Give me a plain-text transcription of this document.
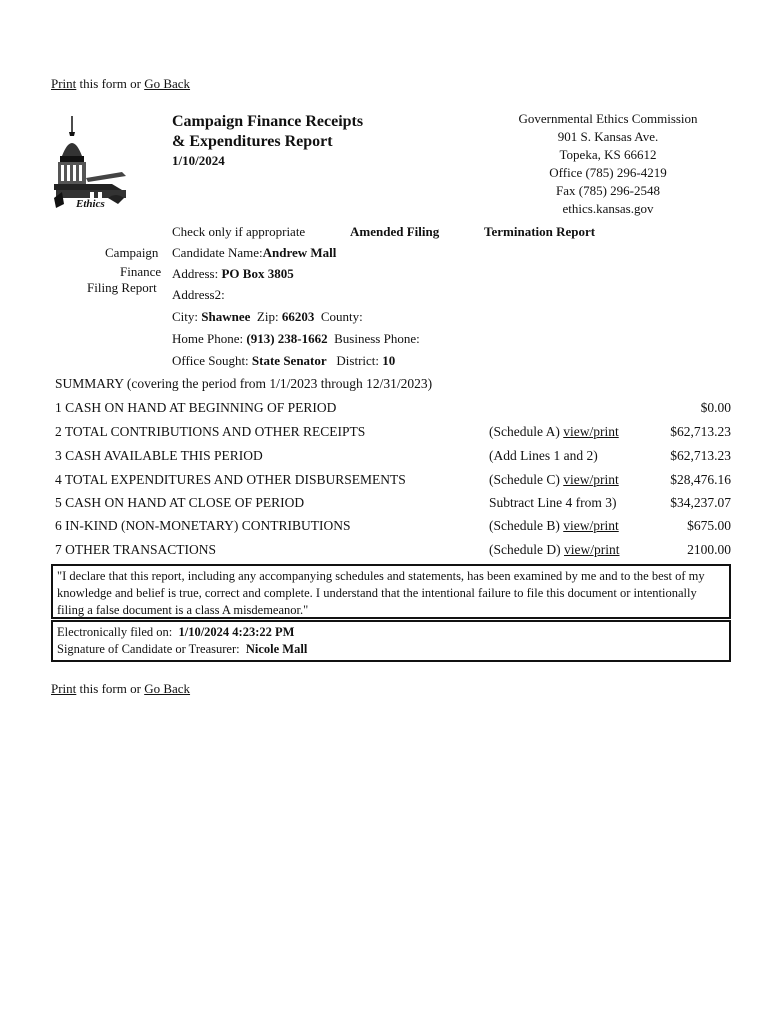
Print this form or Go Back
Ethics
Campaign Finance Receipts
& Expenditures Report
1/10/2024
Governmental Ethics Commission
901 S. Kansas Ave.
Topeka, KS 66612
Office (785) 296-4219
Fax (785) 296-2548
ethics.kansas.gov
Check only if appropriate	Amended Filing	Termination Report
Campaign
Finance
Filing Report
Candidate Name:Andrew Mall
Address: PO Box 3805
Address2:
City: Shawnee Zip: 66203 County:
Home Phone: (913) 238-1662 Business Phone:
Office Sought: State Senator District: 10
SUMMARY (covering the period from 1/1/2023 through 12/31/2023)
1 CASH ON HAND AT BEGINNING OF PERIOD	$0.00
2 TOTAL CONTRIBUTIONS AND OTHER RECEIPTS	(Schedule A) view/print	$62,713.23
3 CASH AVAILABLE THIS PERIOD	(Add Lines 1 and 2)	$62,713.23
4 TOTAL EXPENDITURES AND OTHER DISBURSEMENTS	(Schedule C) view/print	$28,476.16
5 CASH ON HAND AT CLOSE OF PERIOD	Subtract Line 4 from 3)	$34,237.07
6 IN-KIND (NON-MONETARY) CONTRIBUTIONS	(Schedule B) view/print	$675.00
7 OTHER TRANSACTIONS	(Schedule D) view/print	2100.00
"I declare that this report, including any accompanying schedules and statements, has been examined by me and to the best of my knowledge and belief is true, correct and complete. I understand that the intentional failure to file this document or intentionally filing a false document is a class A misdemeanor."
Electronically filed on: 1/10/2024 4:23:22 PM
Signature of Candidate or Treasurer: Nicole Mall
Print this form or Go Back
